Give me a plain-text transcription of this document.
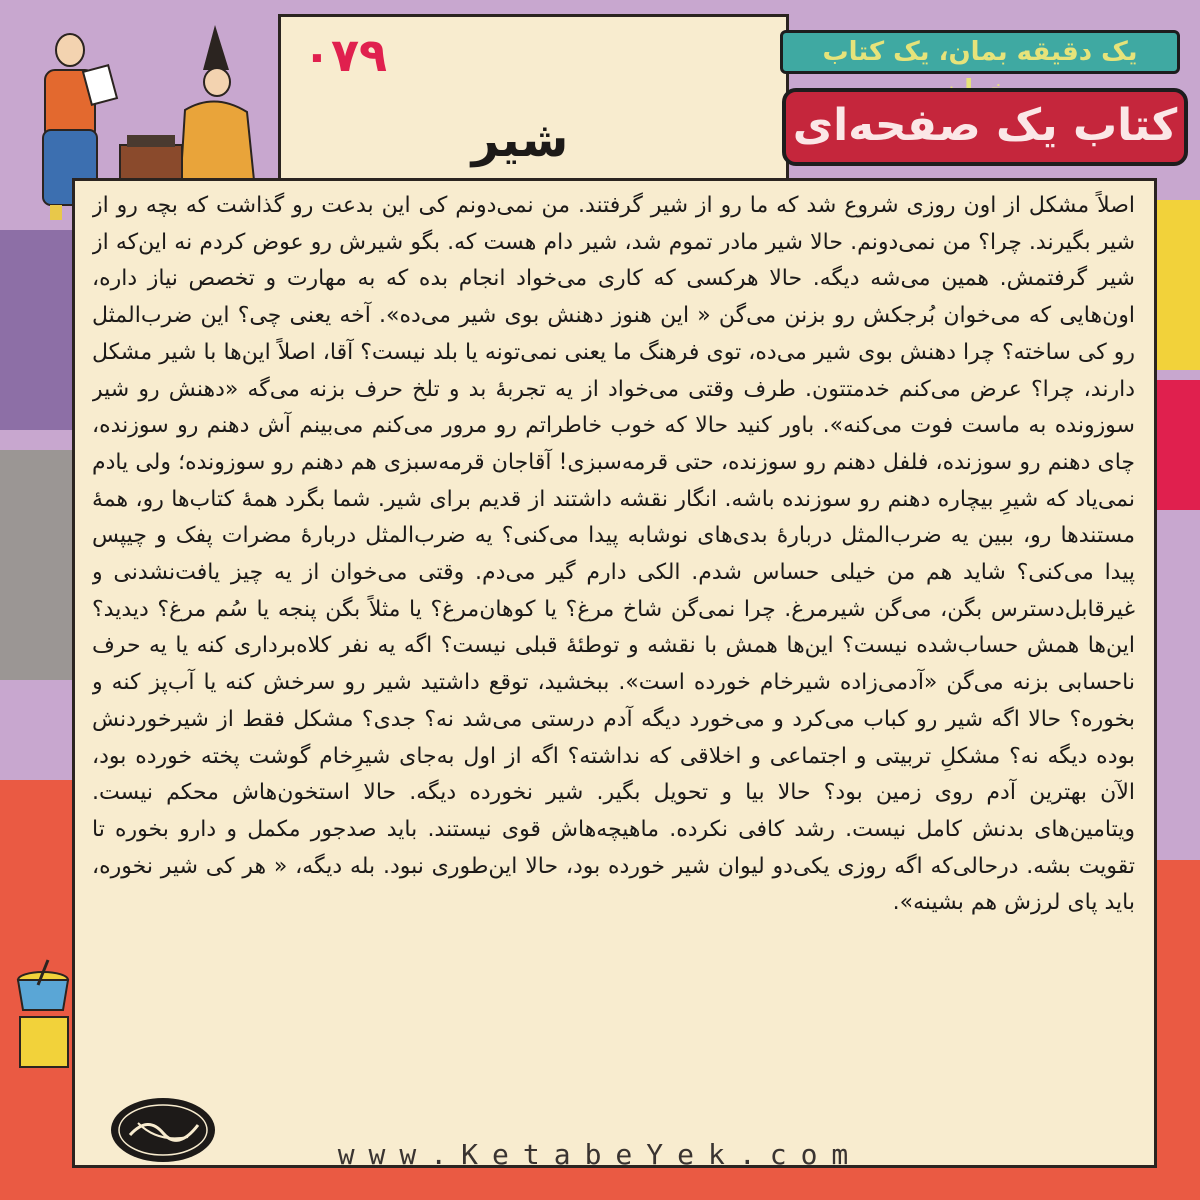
۰۷۹
شیر
یک دقیقه بمان، یک کتاب
کتاب یک صفحه‌ای

اصلاً مشکل از اون روزی شروع شد که ما رو از شیر گرفتند. من نمی‌دونم کی این بدعت رو گذاشت که بچه رو از شیر بگیرند. چرا؟ من نمی‌دونم. حالا شیر مادر تموم شد، شیر دام هست که. بگو شیرش رو عوض کردم نه این‌که از شیر گرفتمش. همین می‌شه دیگه. حالا هرکسی که کاری می‌خواد انجام بده که به مهارت و تخصص نیاز داره، اون‌هایی که می‌خوان بُرجکش رو بزنن می‌گن « این هنوز دهنش بوی شیر می‌ده». آخه یعنی چی؟ این ضرب‌المثل رو کی ساخته؟ چرا دهنش بوی شیر می‌ده، توی فرهنگ ما یعنی نمی‌تونه یا بلد نیست؟ آقا، اصلاً این‌ها با شیر مشکل دارند، چرا؟ عرض می‌کنم خدمتتون. طرف وقتی می‌خواد از یه تجربهٔ بد و تلخ حرف بزنه می‌گه «دهنش رو شیر سوزونده به ماست فوت می‌کنه». باور کنید حالا که خوب خاطراتم رو مرور می‌کنم می‌بینم آش دهنم رو سوزنده، چای دهنم رو سوزنده، فلفل دهنم رو سوزنده، حتی قرمه‌سبزی! آقاجان قرمه‌سبزی هم دهنم رو سوزونده؛ ولی یادم نمی‌یاد که شیرِ بیچاره دهنم رو سوزنده باشه. انگار نقشه داشتند از قدیم برای شیر. شما بگرد همهٔ کتاب‌ها رو، همهٔ مستندها رو، ببین یه ضرب‌المثل دربارهٔ بدی‌های نوشابه پیدا می‌کنی؟ یه ضرب‌المثل دربارهٔ مضرات پفک و چیپس پیدا می‌کنی؟ شاید هم من خیلی حساس شدم. الکی دارم گیر می‌دم. وقتی می‌خوان از یه چیز یافت‌نشدنی و غیرقابل‌دسترس بگن، می‌گن شیرمرغ. چرا نمی‌گن شاخ مرغ؟ یا کوهان‌مرغ؟ یا مثلاً بگن پنجه یا سُم مرغ؟ دیدید؟ این‌ها همش حساب‌شده نیست؟ این‌ها همش با نقشه و توطئهٔ قبلی نیست؟ اگه یه نفر کلاه‌برداری کنه یا یه حرف ناحسابی بزنه می‌گن «آدمی‌زاده شیرخام خورده است». ببخشید، توقع داشتید شیر رو سرخش کنه یا آب‌پز کنه و بخوره؟ حالا اگه شیر رو کباب می‌کرد و می‌خورد دیگه آدم درستی می‌شد نه؟ جدی؟ مشکل فقط از شیرخوردنش بوده دیگه نه؟ مشکلِ تربیتی و اجتماعی و اخلاقی که نداشته؟ اگه از اول به‌جای شیرِخام گوشت پخته خورده بود، الآن بهترین آدم روی زمین بود؟ حالا بیا و تحویل بگیر. شیر نخورده دیگه. حالا استخون‌هاش محکم نیست. ویتامین‌های بدنش کامل نیست. رشد کافی نکرده. ماهیچه‌هاش قوی نیستند. باید صدجور مکمل و دارو بخوره تا تقویت بشه. درحالی‌که اگه روزی یکی‌دو لیوان شیر خورده بود، حالا این‌طوری نبود. بله دیگه، « هر کی شیر نخوره، باید پای لرزش هم بشینه».

www.KetabeYek.com
